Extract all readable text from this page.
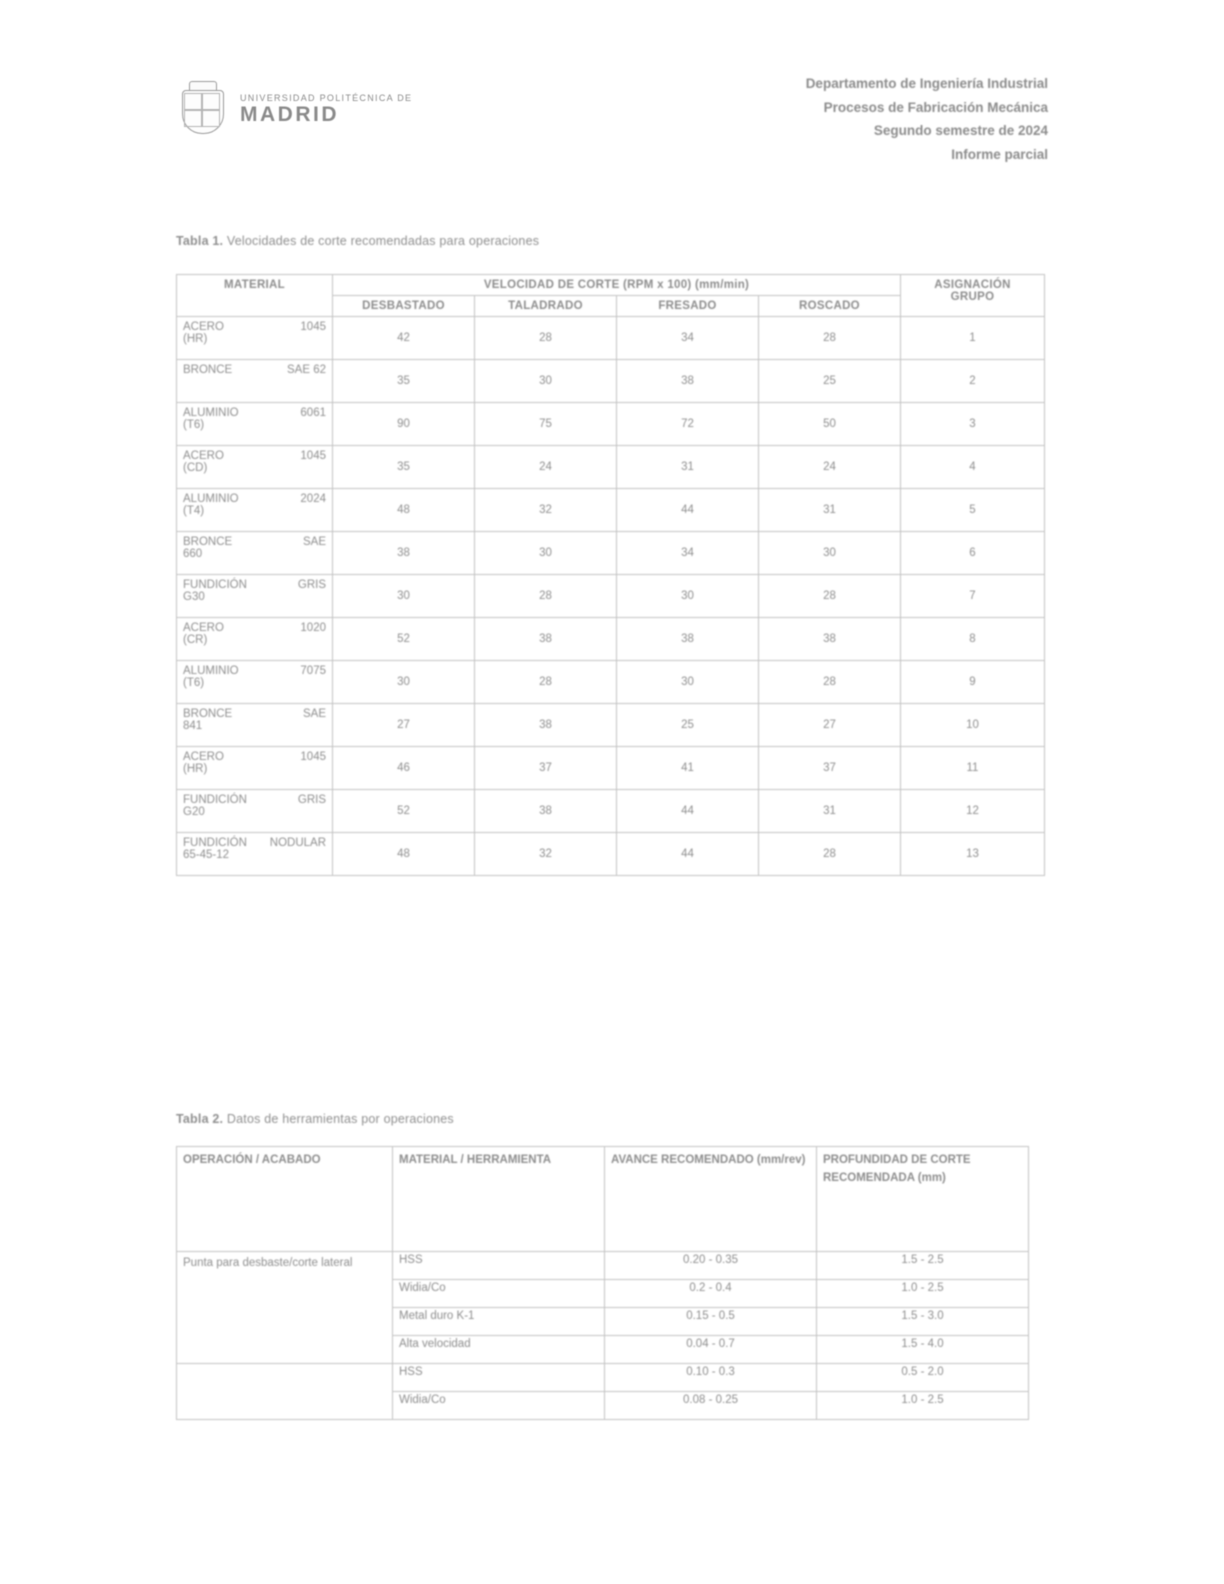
UNIVERSIDAD POLITÉCNICA DE
MADRID
Departamento de Ingeniería Industrial
Procesos de Fabricación Mecánica
Segundo semestre de 2024
Informe parcial
Tabla 1. Velocidades de corte recomendadas para operaciones
MATERIAL	VELOCIDAD DE CORTE (RPM x 100) (mm/min)				ASIGNACIÓN
GRUPO

	DESBASTADO	TALADRADO	FRESADO	ROSCADO	

ACERO 1045
(HR)	42	28	34	28	1

BRONCE SAE 62	35	30	38	25	2

ALUMINIO 6061
(T6)	90	75	72	50	3

ACERO 1045
(CD)	35	24	31	24	4

ALUMINIO 2024
(T4)	48	32	44	31	5

BRONCE SAE
660	38	30	34	30	6

FUNDICIÓN GRIS
G30	30	28	30	28	7

ACERO 1020
(CR)	52	38	38	38	8

ALUMINIO 7075
(T6)	30	28	30	28	9

BRONCE SAE
841	27	38	25	27	10

ACERO 1045
(HR)	46	37	41	37	11

FUNDICIÓN GRIS
G20	52	38	44	31	12

FUNDICIÓN NODULAR
65-45-12	48	32	44	28	13
Tabla 2. Datos de herramientas por operaciones
OPERACIÓN / ACABADO	MATERIAL / HERRAMIENTA	AVANCE RECOMENDADO (mm/rev)	PROFUNDIDAD DE CORTE RECOMENDADA (mm)
Punta para desbaste/corte lateral	HSS	0.20 - 0.35	1.5 - 2.5
	Widia/Co	0.2 - 0.4	1.0 - 2.5
	Metal duro K-1	0.15 - 0.5	1.5 - 3.0
	Alta velocidad	0.04 - 0.7	1.5 - 4.0
	HSS	0.10 - 0.3	0.5 - 2.0
	Widia/Co	0.08 - 0.25	1.0 - 2.5
